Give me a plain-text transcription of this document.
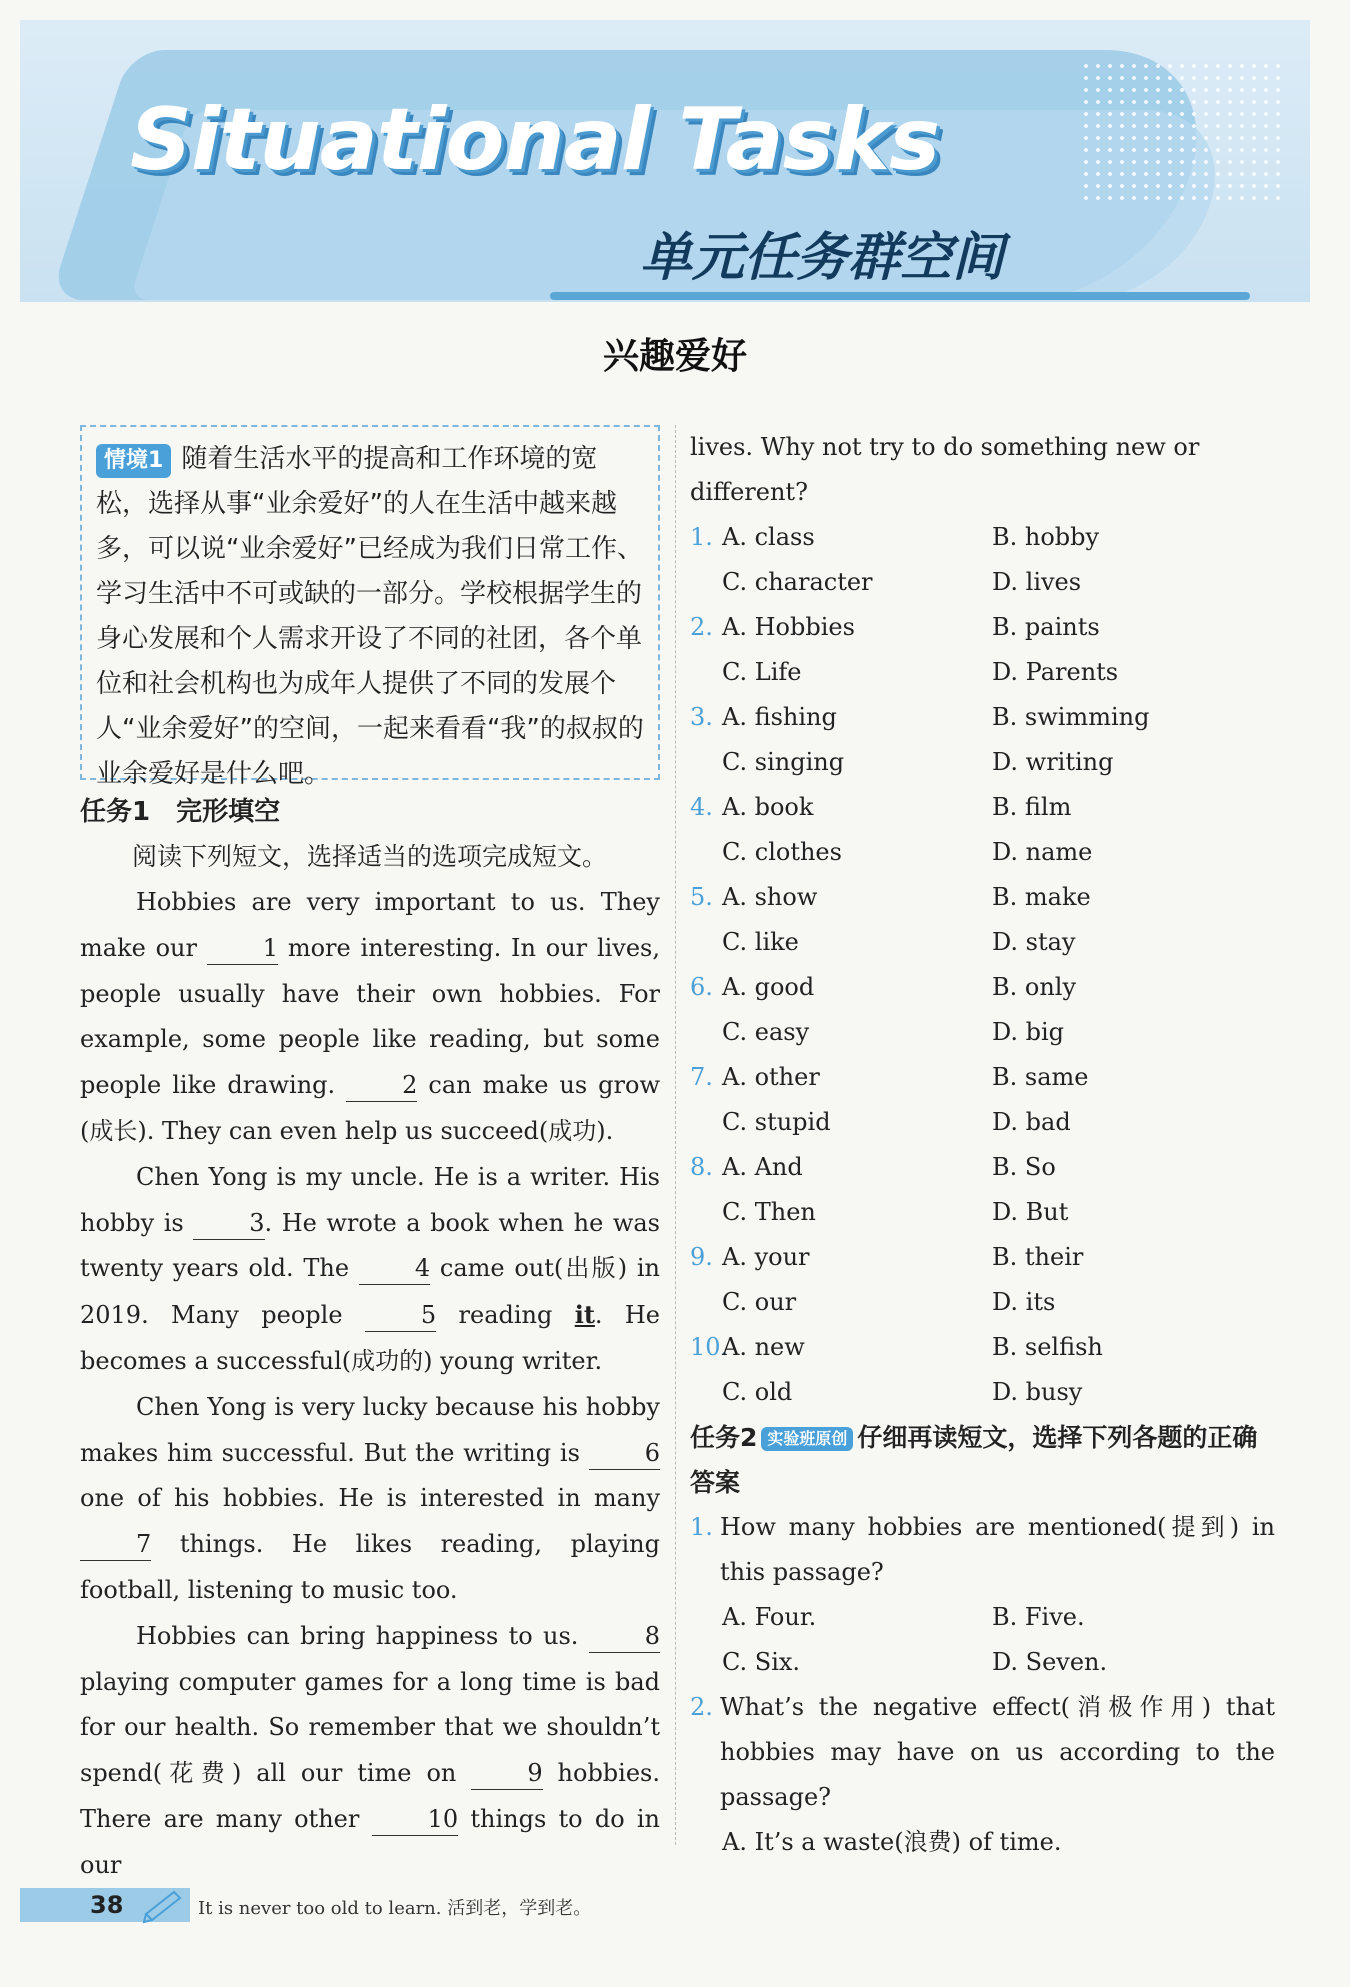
Situational Tasks
单元任务群空间
兴趣爱好
情境1 随着生活水平的提高和工作环境的宽松，选择从事“业余爱好”的人在生活中越来越多，可以说“业余爱好”已经成为我们日常工作、学习生活中不可或缺的一部分。学校根据学生的身心发展和个人需求开设了不同的社团，各个单位和社会机构也为成年人提供了不同的发展个人“业余爱好”的空间，一起来看看“我”的叔叔的业余爱好是什么吧。
任务1　完形填空
阅读下列短文，选择适当的选项完成短文。
Hobbies are very important to us. They make our 1 more interesting. In our lives, people usually have their own hobbies. For example, some people like reading, but some people like drawing. 2 can make us grow (成长). They can even help us succeed(成功).
Chen Yong is my uncle. He is a writer. His hobby is 3. He wrote a book when he was twenty years old. The 4 came out(出版) in 2019. Many people 5 reading it. He becomes a successful(成功的) young writer.
Chen Yong is very lucky because his hobby makes him successful. But the writing is 6 one of his hobbies. He is interested in many 7 things. He likes reading, playing football, listening to music too.
Hobbies can bring happiness to us. 8 playing computer games for a long time is bad for our health. So remember that we shouldn’t spend(花费) all our time on 9 hobbies. There are many other 10 things to do in our
lives. Why not try to do something new or different?
1. A. class	B. hobby
C. character	D. lives
2. A. Hobbies	B. paints
C. Life	D. Parents
3. A. fishing	B. swimming
C. singing	D. writing
4. A. book	B. film
C. clothes	D. name
5. A. show	B. make
C. like	D. stay
6. A. good	B. only
C. easy	D. big
7. A. other	B. same
C. stupid	D. bad
8. A. And	B. So
C. Then	D. But
9. A. your	B. their
C. our	D. its
10.
A. new	B. selfish
C. old	D. busy
任务2 实验班原创 仔细再读短文，选择下列各题的正确答案
1. How many hobbies are mentioned(提到) in this passage?
A. Four.	B. Five.
C. Six.	D. Seven.
2. What’s the negative effect(消极作用) that hobbies may have on us according to the passage?
A. It’s a waste(浪费) of time.
38	It is never too old to learn. 活到老，学到老。
